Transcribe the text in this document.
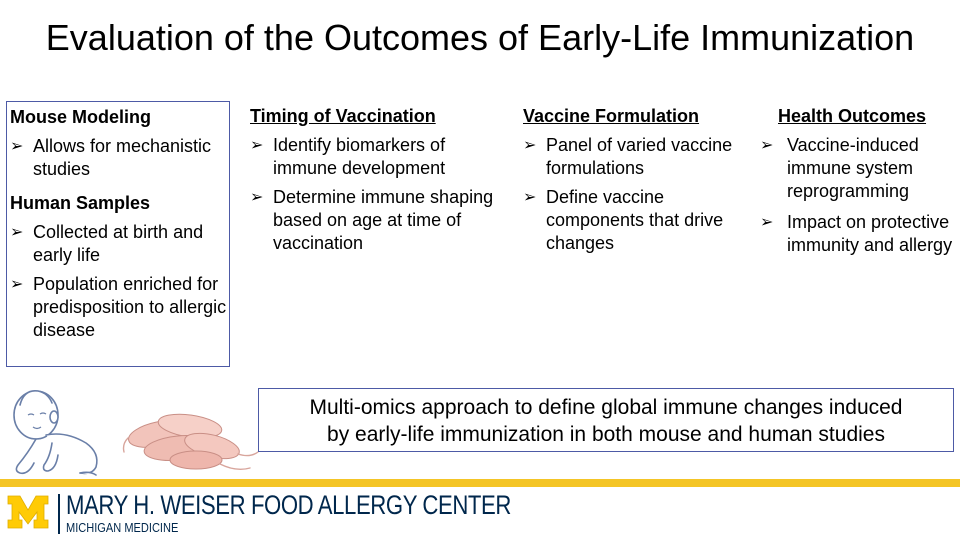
Evaluation of the Outcomes of Early-Life Immunization
Mouse Modeling
➢ Allows for mechanistic studies
Human Samples
➢ Collected at birth and early life
➢ Population enriched for predisposition to allergic disease
Timing of Vaccination
➢ Identify biomarkers of immune development
➢ Determine immune shaping based on age at time of vaccination
Vaccine Formulation
➢ Panel of varied vaccine formulations
➢ Define vaccine components that drive changes
Health Outcomes
➢ Vaccine-induced immune system reprogramming
➢ Impact on protective immunity and allergy
Multi-omics approach to define global immune changes induced
by early-life immunization in both mouse and human studies
MARY H. WEISER FOOD ALLERGY CENTER
MICHIGAN MEDICINE
